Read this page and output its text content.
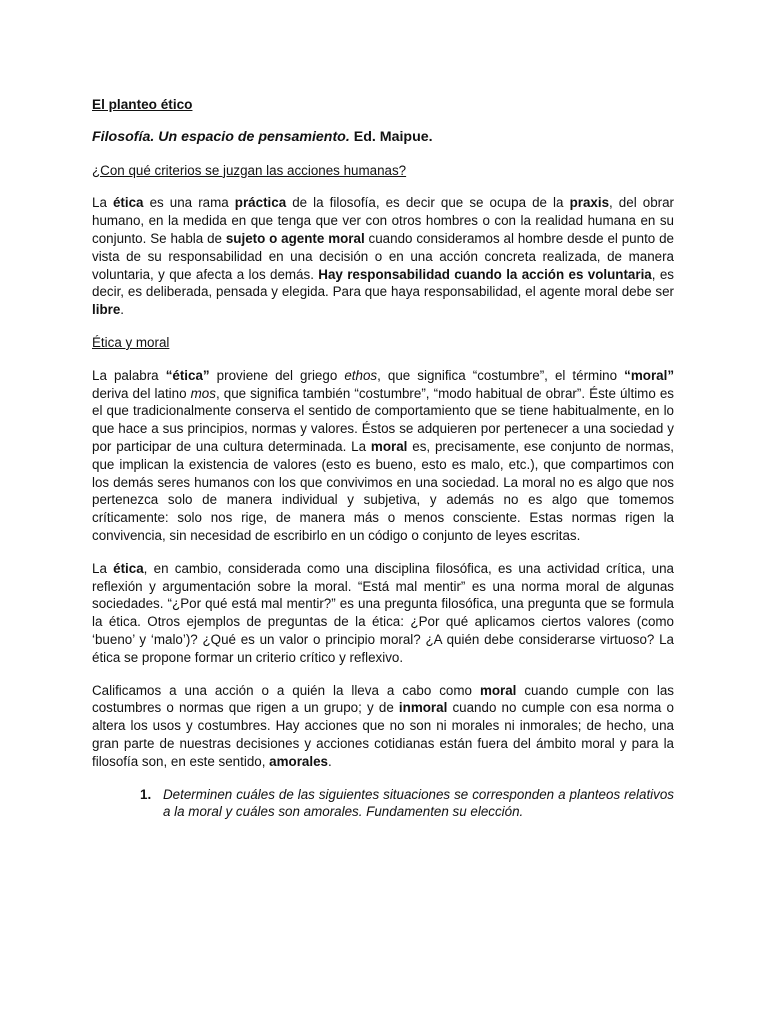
El planteo ético
Filosofía. Un espacio de pensamiento. Ed. Maipue.
¿Con qué criterios se juzgan las acciones humanas?

La ética es una rama práctica de la filosofía, es decir que se ocupa de la praxis, del obrar humano, en la medida en que tenga que ver con otros hombres o con la realidad humana en su conjunto. Se habla de sujeto o agente moral cuando consideramos al hombre desde el punto de vista de su responsabilidad en una decisión o en una acción concreta realizada, de manera voluntaria, y que afecta a los demás. Hay responsabilidad cuando la acción es voluntaria, es decir, es deliberada, pensada y elegida. Para que haya responsabilidad, el agente moral debe ser libre.

Ética y moral

La palabra “ética” proviene del griego ethos, que significa “costumbre”, el término “moral” deriva del latino mos, que significa también “costumbre”, “modo habitual de obrar”. Éste último es el que tradicionalmente conserva el sentido de comportamiento que se tiene habitualmente, en lo que hace a sus principios, normas y valores. Éstos se adquieren por pertenecer a una sociedad y por participar de una cultura determinada. La moral es, precisamente, ese conjunto de normas, que implican la existencia de valores (esto es bueno, esto es malo, etc.), que compartimos con los demás seres humanos con los que convivimos en una sociedad. La moral no es algo que nos pertenezca solo de manera individual y subjetiva, y además no es algo que tomemos críticamente: solo nos rige, de manera más o menos consciente. Estas normas rigen la convivencia, sin necesidad de escribirlo en un código o conjunto de leyes escritas.

La ética, en cambio, considerada como una disciplina filosófica, es una actividad crítica, una reflexión y argumentación sobre la moral. “Está mal mentir” es una norma moral de algunas sociedades. “¿Por qué está mal mentir?” es una pregunta filosófica, una pregunta que se formula la ética. Otros ejemplos de preguntas de la ética: ¿Por qué aplicamos ciertos valores (como ‘bueno’ y ‘malo’)? ¿Qué es un valor o principio moral? ¿A quién debe considerarse virtuoso? La ética se propone formar un criterio crítico y reflexivo.

Calificamos a una acción o a quién la lleva a cabo como moral cuando cumple con las costumbres o normas que rigen a un grupo; y de inmoral cuando no cumple con esa norma o altera los usos y costumbres. Hay acciones que no son ni morales ni inmorales; de hecho, una gran parte de nuestras decisiones y acciones cotidianas están fuera del ámbito moral y para la filosofía son, en este sentido, amorales.

1. Determinen cuáles de las siguientes situaciones se corresponden a planteos relativos a la moral y cuáles son amorales. Fundamenten su elección.
